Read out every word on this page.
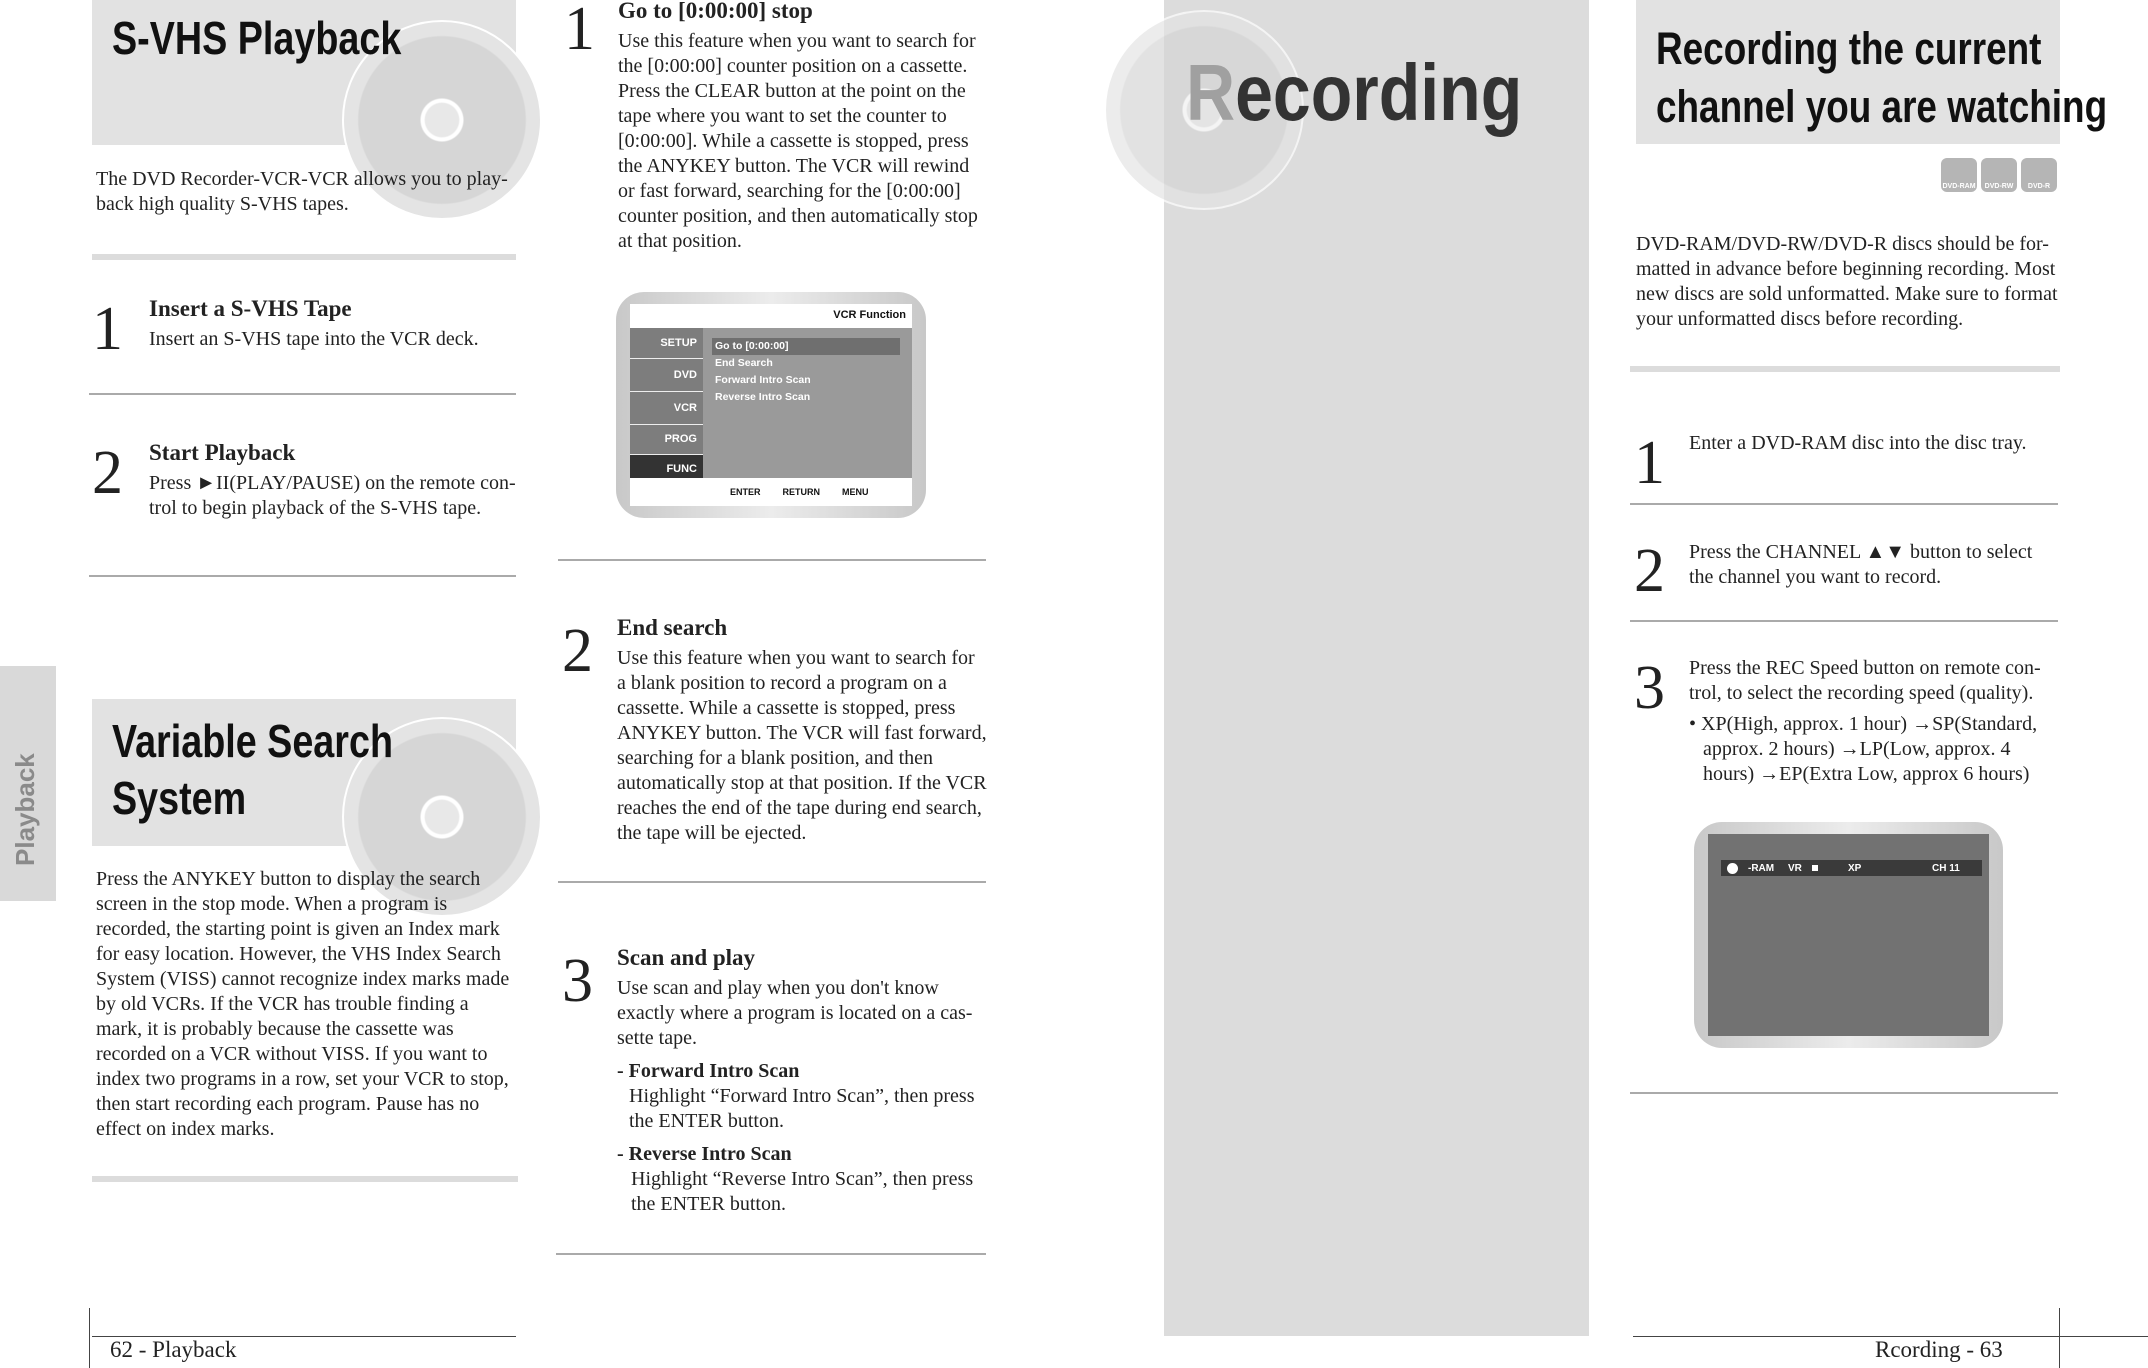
S-VHS Playback
The DVD Recorder-VCR-VCR allows you to play-back high quality S-VHS tapes.
1 Insert a S-VHS Tape
Insert an S-VHS tape into the VCR deck.
2 Start Playback
Press ►II(PLAY/PAUSE) on the remote con-trol to begin playback of the S-VHS tape.
Playback
Variable Search
System
Press the ANYKEY button to display the search screen in the stop mode. When a program is recorded, the starting point is given an Index mark for easy location. However, the VHS Index Search System (VISS) cannot recognize index marks made by old VCRs. If the VCR has trouble finding a mark, it is probably because the cassette was recorded on a VCR without VISS. If you want to index two programs in a row, set your VCR to stop, then start recording each program. Pause has no effect on index marks.
62 - Playback
1 Go to [0:00:00] stop
Use this feature when you want to search for the [0:00:00] counter position on a cassette. Press the CLEAR button at the point on the tape where you want to set the counter to [0:00:00]. While a cassette is stopped, press the ANYKEY button. The VCR will rewind or fast forward, searching for the [0:00:00] counter position, and then automatically stop at that position.
VCR Function
SETUP
DVD
VCR
PROG
FUNC
Go to [0:00:00]
End Search
Forward Intro Scan
Reverse Intro Scan
ENTER RETURN MENU
2 End search
Use this feature when you want to search for a blank position to record a program on a cassette. While a cassette is stopped, press ANYKEY button. The VCR will fast forward, searching for a blank position, and then automatically stop at that position. If the VCR reaches the end of the tape during end search, the tape will be ejected.
3 Scan and play
Use scan and play when you don't know exactly where a program is located on a cas-sette tape.
- Forward Intro Scan
Highlight “Forward Intro Scan”, then press the ENTER button.
- Reverse Intro Scan
Highlight “Reverse Intro Scan”, then press the ENTER button.
Recording	Recording the current
channel you are watching
DVD-RAM	DVD-RW	DVD-R
DVD-RAM/DVD-RW/DVD-R discs should be for-matted in advance before beginning recording. Most new discs are sold unformatted. Make sure to format your unformatted discs before recording.
1 Enter a DVD-RAM disc into the disc tray.
2 Press the CHANNEL ▲▼ button to select the channel you want to record.
3 Press the REC Speed button on remote con-trol, to select the recording speed (quality).
• XP(High, approx. 1 hour) →SP(Standard, approx. 2 hours) →LP(Low, approx. 4 hours) →EP(Extra Low, approx 6 hours)
-RAM	VR	XP	CH 11
Rcording - 63
